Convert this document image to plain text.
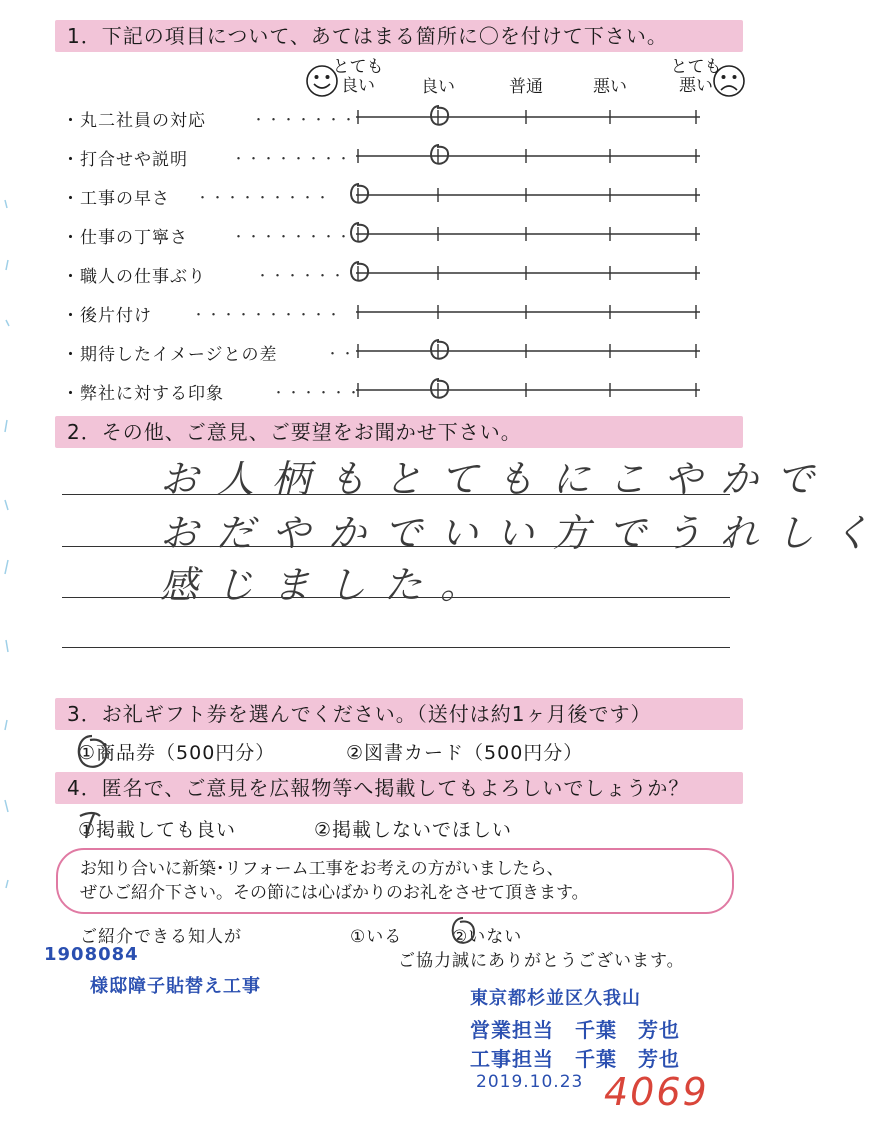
1．下記の項目について、あてはまる箇所に〇を付けて下さい。
とても
良い	良い	普通	悪い
とても
悪い
・丸二社員の対応	・・・・・・・
・打合せや説明	・・・・・・・・
・工事の早さ ・・・・・・・・・
・仕事の丁寧さ	・・・・・・・・
・職人の仕事ぶり	・・・・・・
・後片付け	・・・・・・・・・・
・期待したイメージとの差	・・
・弊社に対する印象	・・・・・・
2．その他、ご意見、ご要望をお聞かせ下さい。
お人柄もとてもにこやかで
おだやかでいい方でうれしく
感じました。
3．お礼ギフト券を選んでください。（送付は約1ヶ月後です）
①商品券（500円分）	②図書カード（500円分）
4．匿名で、ご意見を広報物等へ掲載してもよろしいでしょうか？
①掲載しても良い	②掲載しないでほしい
お知り合いに新築･リフォーム工事をお考えの方がいましたら、
ぜひご紹介下さい。その節には心ばかりのお礼をさせて頂きます。
ご紹介できる知人が	①いる	②いない
ご協力誠にありがとうございます。
1908084
様邸障子貼替え工事
東京都杉並区久我山
営業担当　千葉　芳也
工事担当　千葉　芳也
2019.10.23 4069
